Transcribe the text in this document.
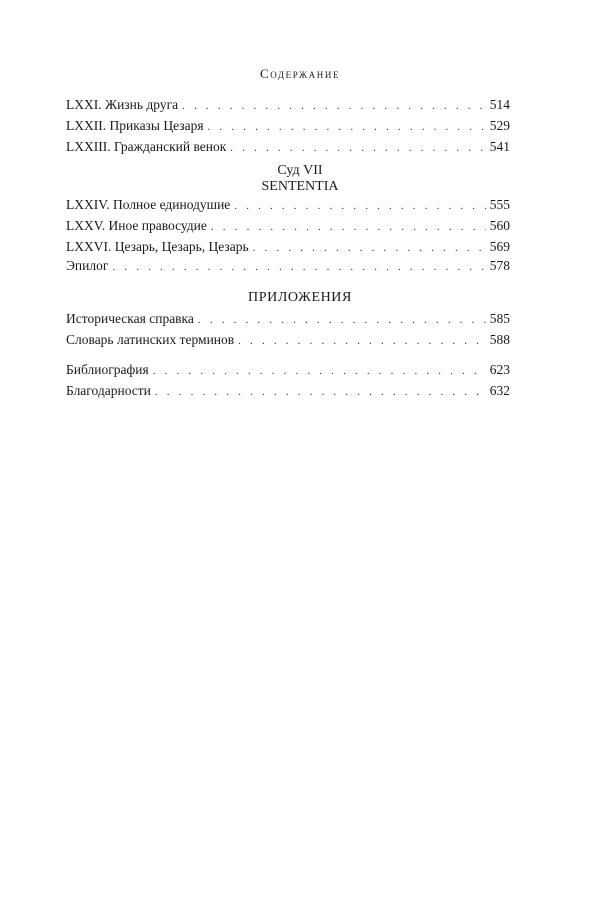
Содержание
LXXI. Жизнь друга . . .	514
LXXII. Приказы Цезаря . . .	529
LXXIII. Гражданский венок . . .	541
Суд VII
SENTENTIA
LXXIV. Полное единодушие . . .	555
LXXV. Иное правосудие . . .	560
LXXVI. Цезарь, Цезарь, Цезарь . . .	569
Эпилог . . .	578
ПРИЛОЖЕНИЯ
Историческая справка . . .	585
Словарь латинских терминов . . .	588
Библиография . . .	623
Благодарности . . .	632
